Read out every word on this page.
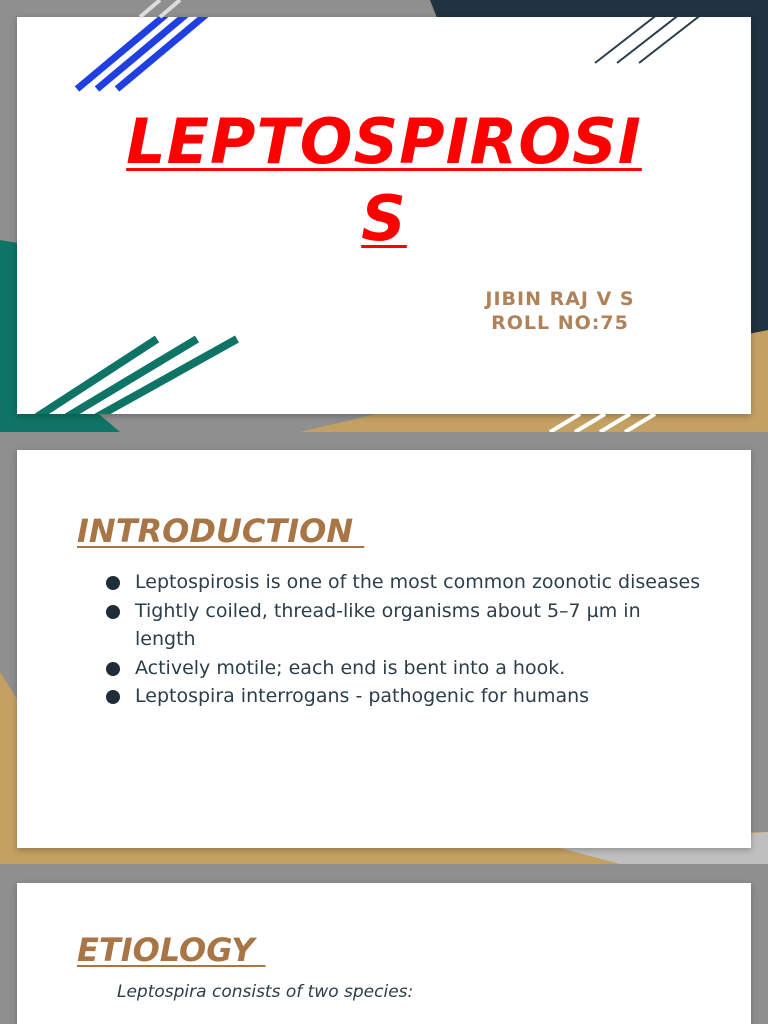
LEPTOSPIROSIS
JIBIN RAJ V S
ROLL NO:75
INTRODUCTION
Leptospirosis is one of the most common zoonotic diseases
Tightly coiled, thread-like organisms about 5–7 µm in length
Actively motile; each end is bent into a hook.
Leptospira interrogans - pathogenic for humans
ETIOLOGY
Leptospira consists of two species:
